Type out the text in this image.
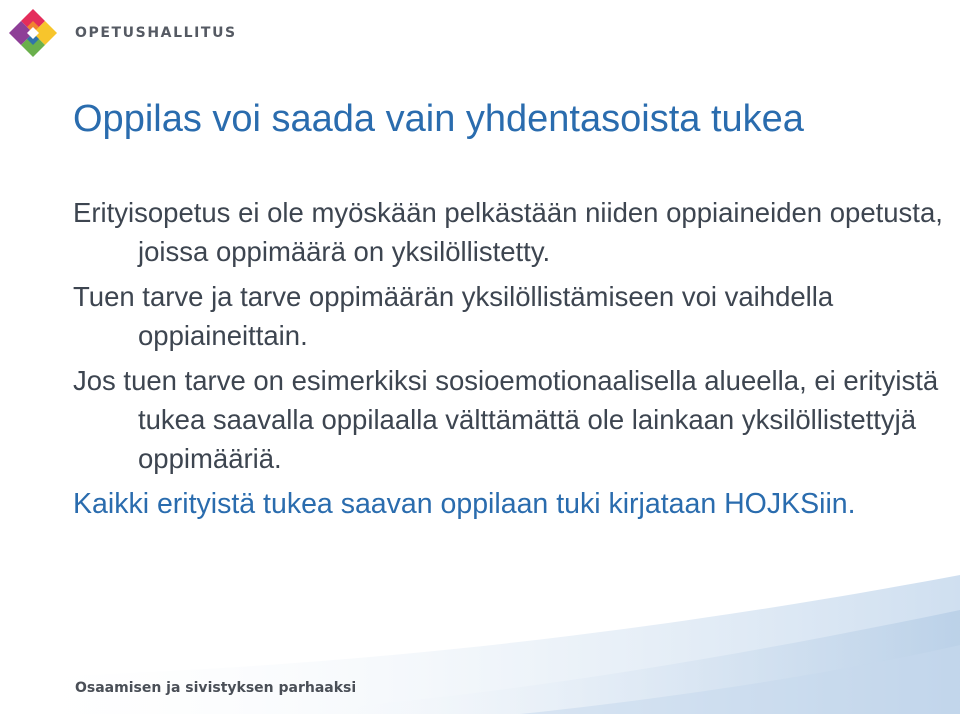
OPETUSHALLITUS
Oppilas voi saada vain yhdentasoista tukea

Erityisopetus ei ole myöskään pelkästään niiden oppiaineiden opetusta, joissa oppimäärä on yksilöllistetty.

Tuen tarve ja tarve oppimäärän yksilöllistämiseen voi vaihdella oppiaineittain.

Jos tuen tarve on esimerkiksi sosioemotionaalisella alueella, ei erityistä tukea saavalla oppilaalla välttämättä ole lainkaan yksilöllistettyjä oppimääriä.

Kaikki erityistä tukea saavan oppilaan tuki kirjataan HOJKSiin.

Osaamisen ja sivistyksen parhaaksi
